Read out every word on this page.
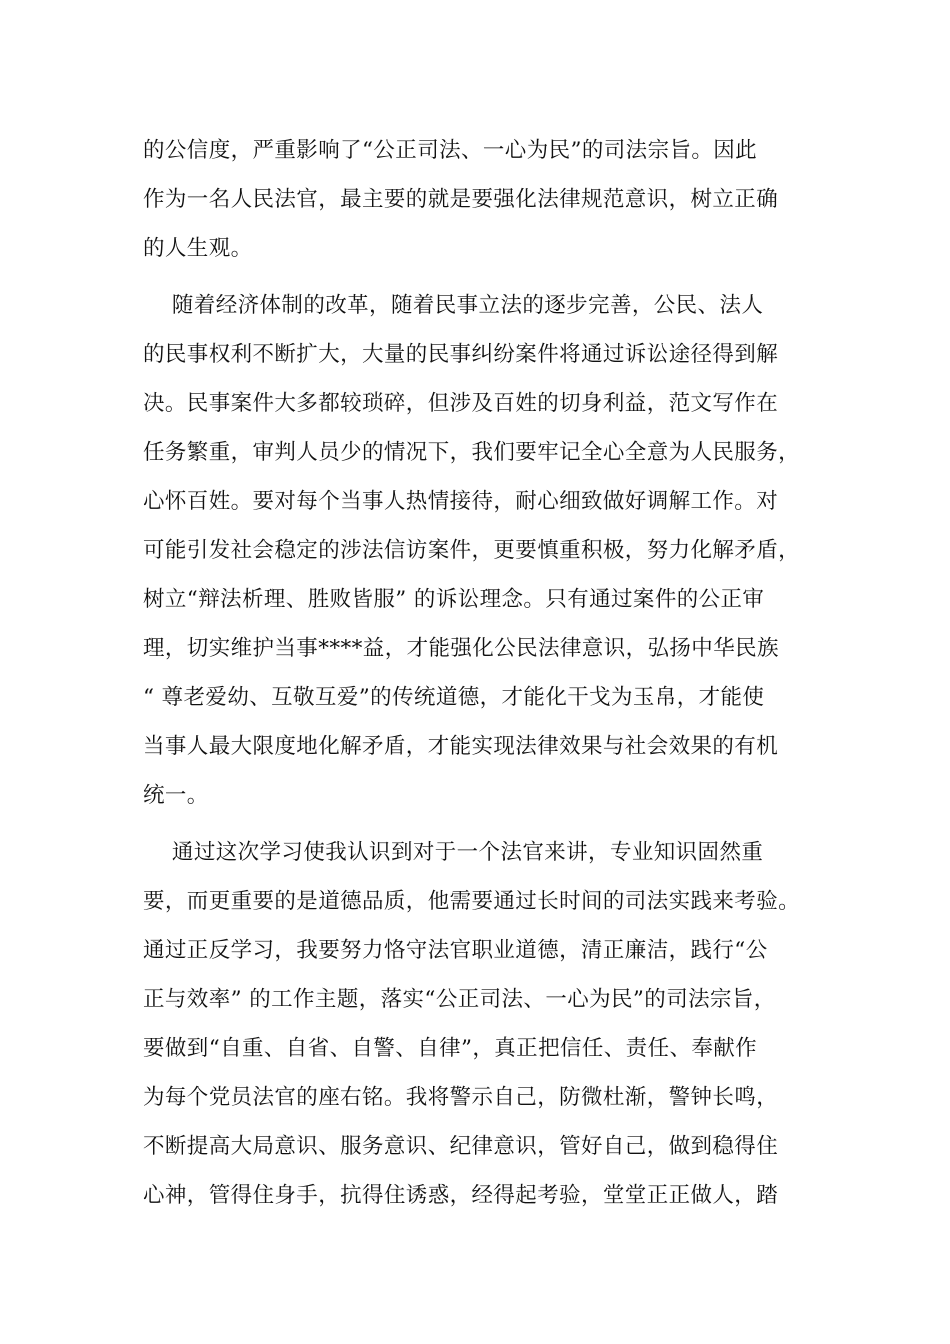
的公信度，严重影响了“公正司法、一心为民”的司法宗旨。因此
作为一名人民法官，最主要的就是要强化法律规范意识，树立正确
的人生观。
随着经济体制的改革，随着民事立法的逐步完善，公民、法人
的民事权利不断扩大，大量的民事纠纷案件将通过诉讼途径得到解
决。民事案件大多都较琐碎，但涉及百姓的切身利益，范文写作在
任务繁重，审判人员少的情况下，我们要牢记全心全意为人民服务，
心怀百姓。要对每个当事人热情接待，耐心细致做好调解工作。对
可能引发社会稳定的涉法信访案件，更要慎重积极，努力化解矛盾，
树立“辩法析理、胜败皆服” 的诉讼理念。只有通过案件的公正审
理，切实维护当事****益，才能强化公民法律意识，弘扬中华民族
“ 尊老爱幼、互敬互爱”的传统道德，才能化干戈为玉帛，才能使
当事人最大限度地化解矛盾，才能实现法律效果与社会效果的有机
统一。
通过这次学习使我认识到对于一个法官来讲，专业知识固然重
要，而更重要的是道德品质，他需要通过长时间的司法实践来考验。
通过正反学习，我要努力恪守法官职业道德，清正廉洁，践行“公
正与效率” 的工作主题，落实“公正司法、一心为民”的司法宗旨，
要做到“自重、自省、自警、自律”，真正把信任、责任、奉献作
为每个党员法官的座右铭。我将警示自己，防微杜渐，警钟长鸣，
不断提高大局意识、服务意识、纪律意识，管好自己，做到稳得住
心神，管得住身手，抗得住诱惑，经得起考验，堂堂正正做人，踏
